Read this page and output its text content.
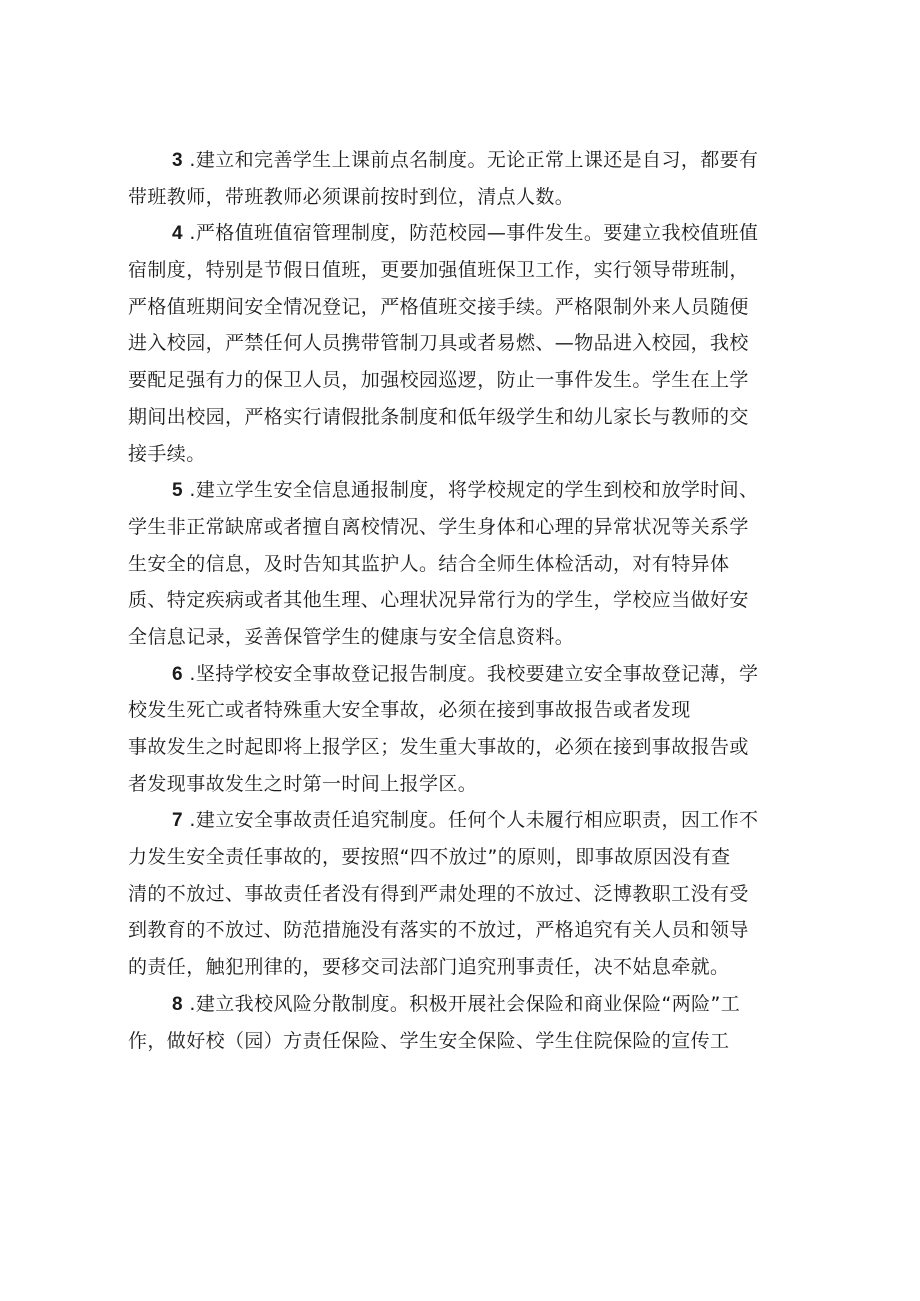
3 .建立和完善学生上课前点名制度。无论正常上课还是自习，都要有
带班教师，带班教师必须课前按时到位，清点人数。
4 .严格值班值宿管理制度，防范校园—事件发生。要建立我校值班值
宿制度，特别是节假日值班，更要加强值班保卫工作，实行领导带班制，
严格值班期间安全情况登记，严格值班交接手续。严格限制外来人员随便
进入校园，严禁任何人员携带管制刀具或者易燃、—物品进入校园，我校
要配足强有力的保卫人员，加强校园巡逻，防止一事件发生。学生在上学
期间出校园，严格实行请假批条制度和低年级学生和幼儿家长与教师的交
接手续。
5 .建立学生安全信息通报制度，将学校规定的学生到校和放学时间、
学生非正常缺席或者擅自离校情况、学生身体和心理的异常状况等关系学
生安全的信息，及时告知其监护人。结合全师生体检活动，对有特异体
质、特定疾病或者其他生理、心理状况异常行为的学生，学校应当做好安
全信息记录，妥善保管学生的健康与安全信息资料。
6 .坚持学校安全事故登记报告制度。我校要建立安全事故登记薄，学
校发生死亡或者特殊重大安全事故，必须在接到事故报告或者发现
事故发生之时起即将上报学区；发生重大事故的，必须在接到事故报告或
者发现事故发生之时第一时间上报学区。
7 .建立安全事故责任追究制度。任何个人未履行相应职责，因工作不
力发生安全责任事故的，要按照“四不放过”的原则，即事故原因没有查
清的不放过、事故责任者没有得到严肃处理的不放过、泛博教职工没有受
到教育的不放过、防范措施没有落实的不放过，严格追究有关人员和领导
的责任，触犯刑律的，要移交司法部门追究刑事责任，决不姑息牵就。
8 .建立我校风险分散制度。积极开展社会保险和商业保险“两险”工
作，做好校（园）方责任保险、学生安全保险、学生住院保险的宣传工
